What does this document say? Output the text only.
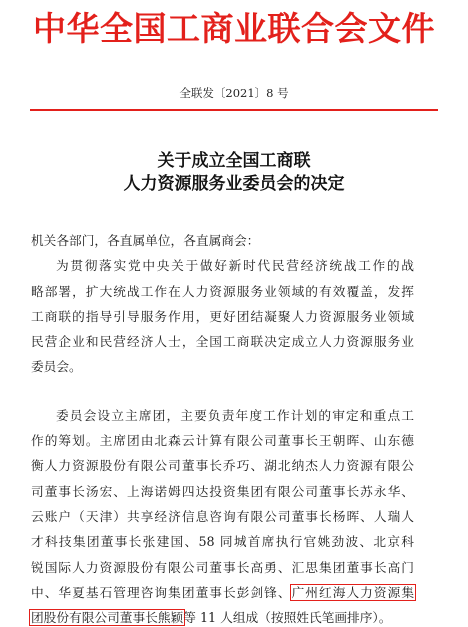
中华全国工商业联合会文件
全联发〔2021〕8 号
关于成立全国工商联
人力资源服务业委员会的决定
机关各部门，各直属单位，各直属商会：
为贯彻落实党中央关于做好新时代民营经济统战工作的战
略部署，扩大统战工作在人力资源服务业领域的有效覆盖，发挥
工商联的指导引导服务作用，更好团结凝聚人力资源服务业领域
民营企业和民营经济人士，全国工商联决定成立人力资源服务业
委员会。
委员会设立主席团，主要负责年度工作计划的审定和重点工
作的筹划。主席团由北森云计算有限公司董事长王朝晖、山东德
衡人力资源股份有限公司董事长乔巧、湖北纳杰人力资源有限公
司董事长汤宏、上海诺姆四达投资集团有限公司董事长苏永华、
云账户（天津）共享经济信息咨询有限公司董事长杨晖、人瑞人
才科技集团董事长张建国、58 同城首席执行官姚劲波、北京科
锐国际人力资源股份有限公司董事长高勇、汇思集团董事长高门
中、华夏基石管理咨询集团董事长彭剑锋、广州红海人力资源集
团股份有限公司董事长熊颖等 11 人组成（按照姓氏笔画排序）。
